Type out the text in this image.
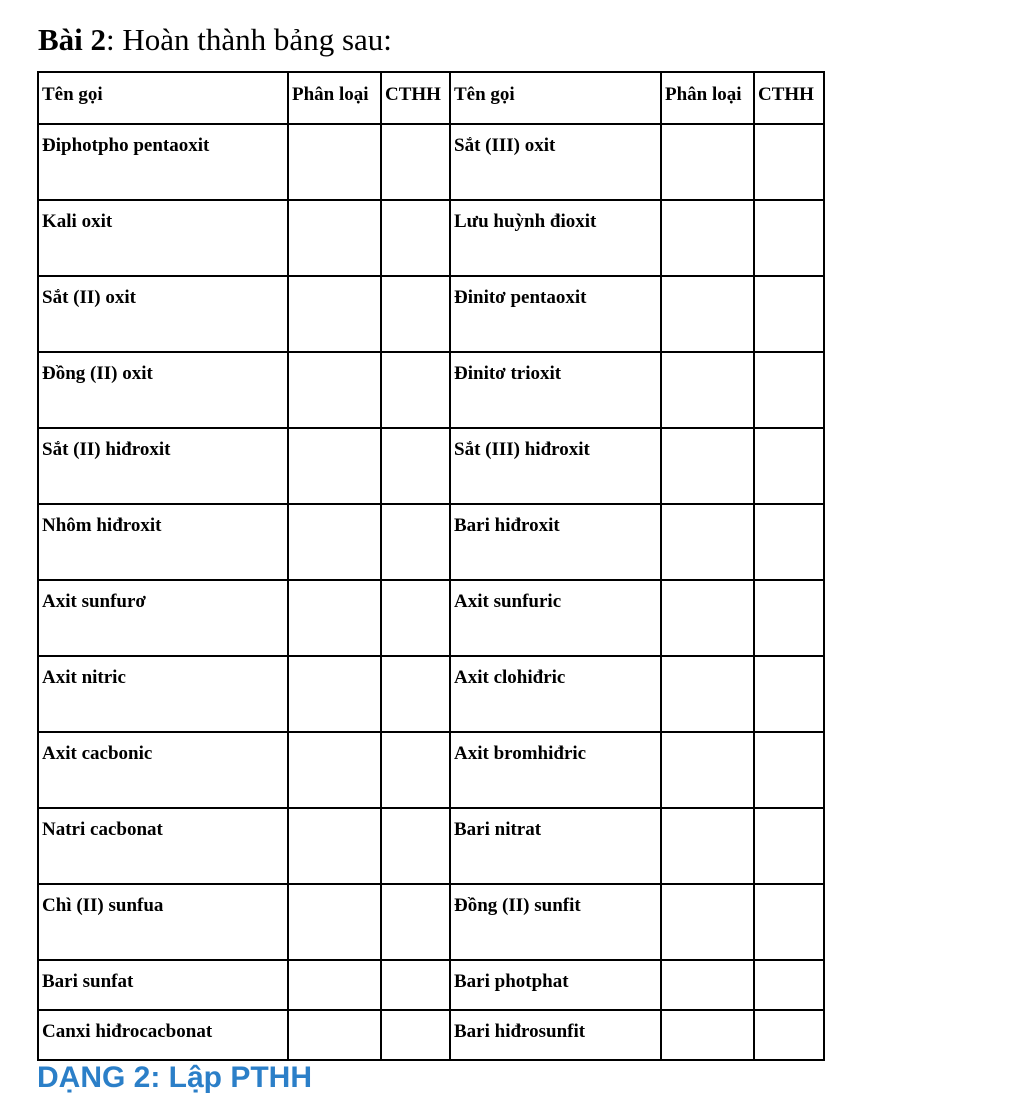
Bài 2: Hoàn thành bảng sau:
Tên gọi	Phân loại	CTHH	Tên gọi	Phân loại	CTHH
Điphotpho pentaoxit			Sắt (III) oxit		
Kali oxit			Lưu huỳnh đioxit		
Sắt (II) oxit			Đinitơ pentaoxit		
Đồng (II) oxit			Đinitơ trioxit		
Sắt (II) hiđroxit			Sắt (III) hiđroxit		
Nhôm hiđroxit			Bari hiđroxit		
Axit sunfurơ			Axit sunfuric		
Axit nitric			Axit clohiđric		
Axit cacbonic			Axit bromhiđric		
Natri cacbonat			Bari nitrat		
Chì (II) sunfua			Đồng (II) sunfit		
Bari sunfat			Bari photphat		
Canxi hiđrocacbonat			Bari hiđrosunfit		
DẠNG 2: Lập PTHH
